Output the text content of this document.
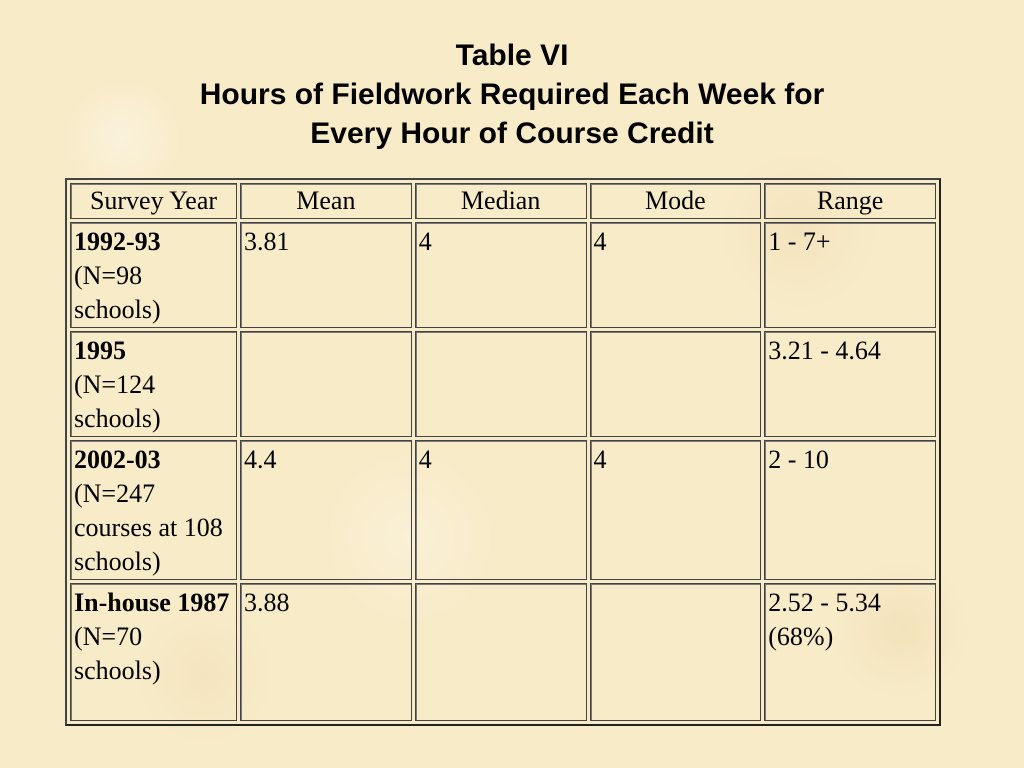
Table VI
Hours of Fieldwork Required Each Week for
Every Hour of Course Credit
Survey Year	Mean	Median	Mode	Range

1992-93
(N=98 schools)	3.81	4	4	1 - 7+

1995
(N=124 schools)				3.21 - 4.64

2002-03
(N=247 courses at 108 schools)	4.4	4	4	2 - 10

In-house 1987
(N=70 schools)	3.88			2.52 - 5.34 (68%)
